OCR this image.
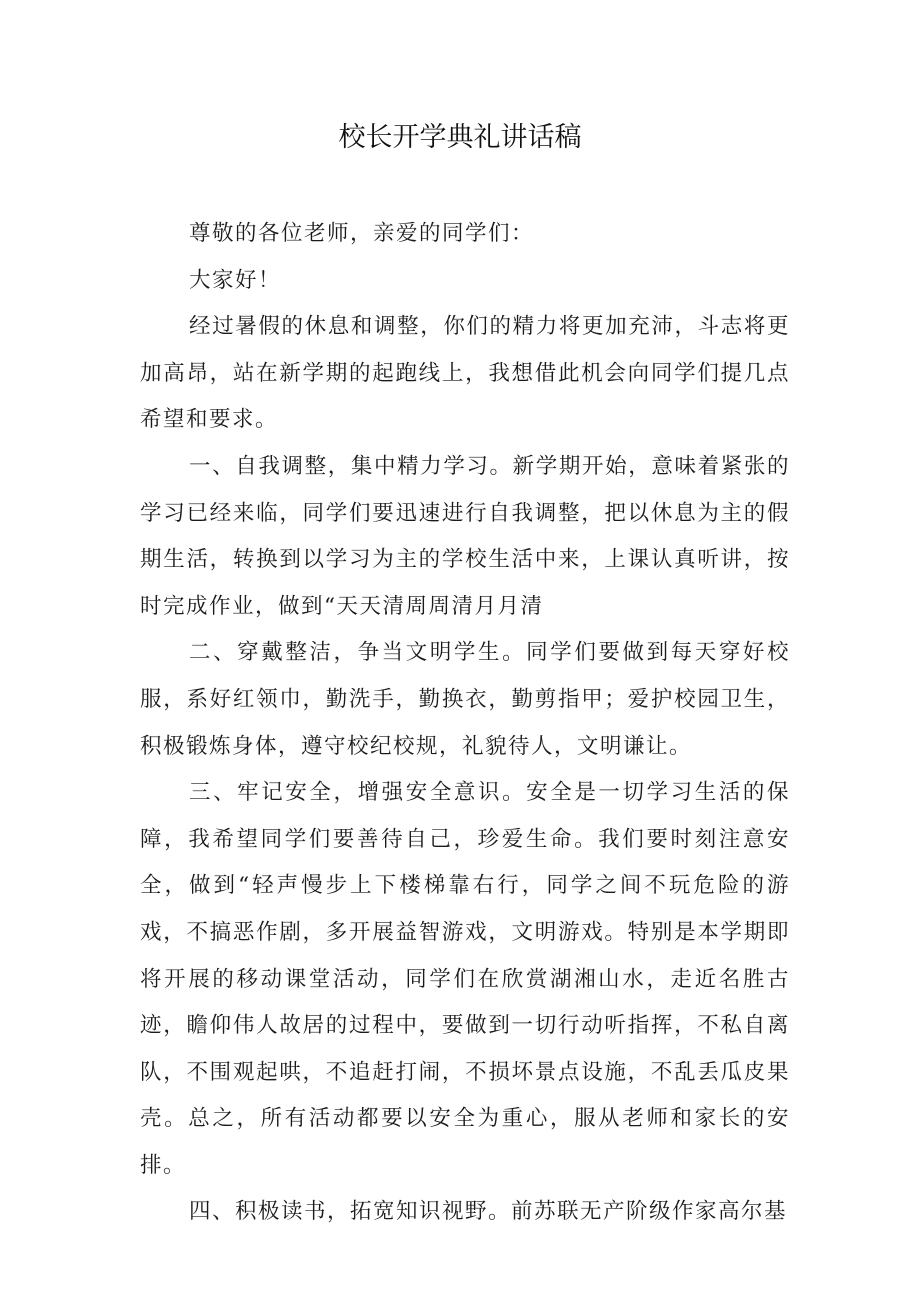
校长开学典礼讲话稿

尊敬的各位老师，亲爱的同学们：

大家好！

经过暑假的休息和调整，你们的精力将更加充沛，斗志将更加高昂，站在新学期的起跑线上，我想借此机会向同学们提几点希望和要求。

一、自我调整，集中精力学习。新学期开始，意味着紧张的学习已经来临，同学们要迅速进行自我调整，把以休息为主的假期生活，转换到以学习为主的学校生活中来，上课认真听讲，按时完成作业，做到“天天清周周清月月清

二、穿戴整洁，争当文明学生。同学们要做到每天穿好校服，系好红领巾，勤洗手，勤换衣，勤剪指甲；爱护校园卫生，积极锻炼身体，遵守校纪校规，礼貌待人，文明谦让。

三、牢记安全，增强安全意识。安全是一切学习生活的保障，我希望同学们要善待自己，珍爱生命。我们要时刻注意安全，做到“轻声慢步上下楼梯靠右行，同学之间不玩危险的游戏，不搞恶作剧，多开展益智游戏，文明游戏。特别是本学期即将开展的移动课堂活动，同学们在欣赏湖湘山水，走近名胜古迹，瞻仰伟人故居的过程中，要做到一切行动听指挥，不私自离队，不围观起哄，不追赶打闹，不损坏景点设施，不乱丢瓜皮果壳。总之，所有活动都要以安全为重心，服从老师和家长的安排。

四、积极读书，拓宽知识视野。前苏联无产阶级作家高尔基
